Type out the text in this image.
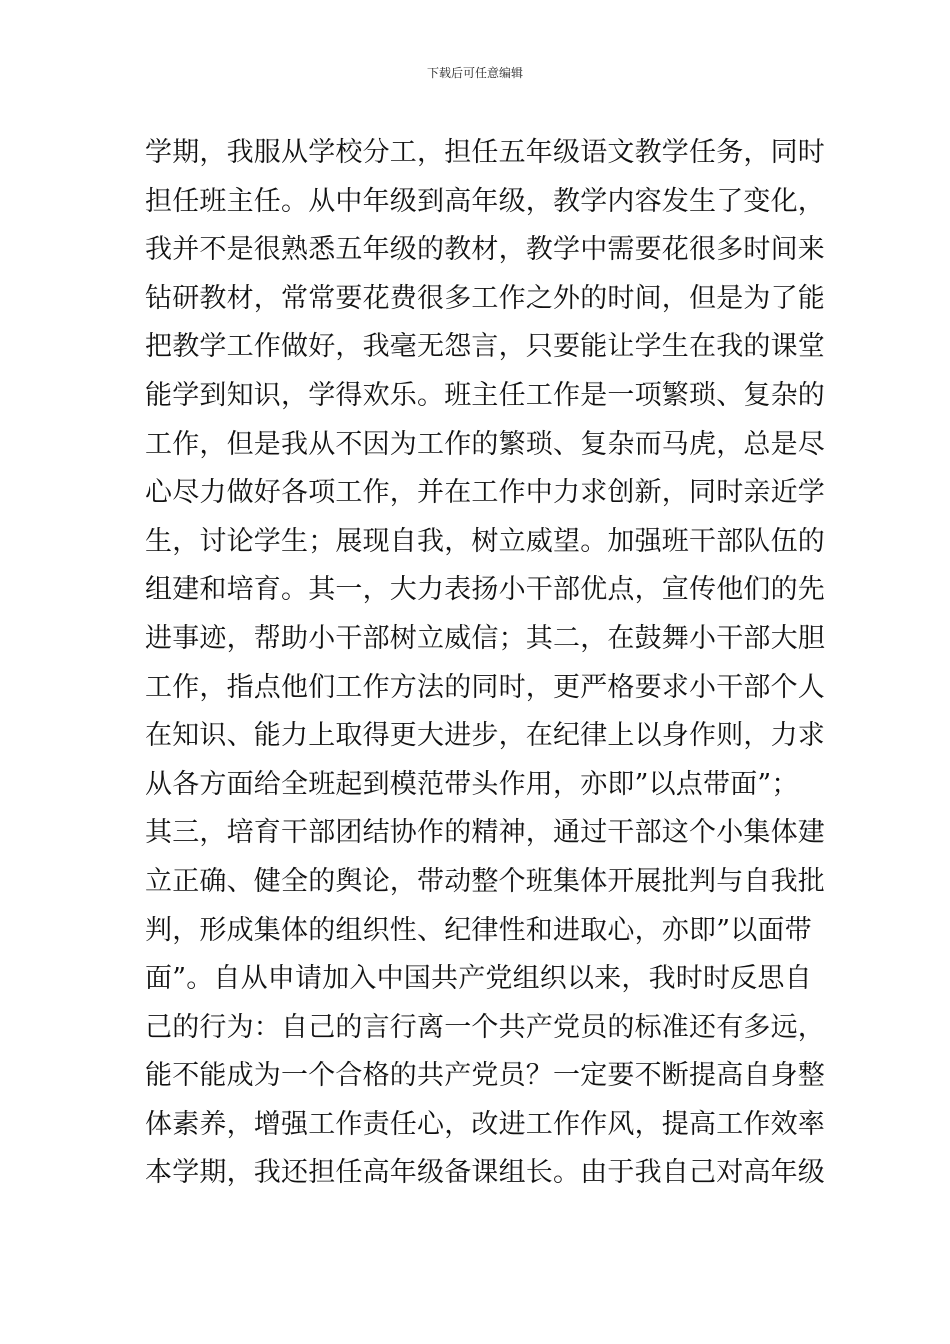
下载后可任意编辑
学期，我服从学校分工，担任五年级语文教学任务，同时
担任班主任。从中年级到高年级，教学内容发生了变化，
我并不是很熟悉五年级的教材，教学中需要花很多时间来
钻研教材，常常要花费很多工作之外的时间，但是为了能
把教学工作做好，我毫无怨言，只要能让学生在我的课堂
能学到知识，学得欢乐。班主任工作是一项繁琐、复杂的
工作，但是我从不因为工作的繁琐、复杂而马虎，总是尽
心尽力做好各项工作，并在工作中力求创新，同时亲近学
生，讨论学生；展现自我，树立威望。加强班干部队伍的
组建和培育。其一，大力表扬小干部优点，宣传他们的先
进事迹，帮助小干部树立威信；其二，在鼓舞小干部大胆
工作，指点他们工作方法的同时，更严格要求小干部个人
在知识、能力上取得更大进步，在纪律上以身作则，力求
从各方面给全班起到模范带头作用，亦即”以点带面”；
其三，培育干部团结协作的精神，通过干部这个小集体建
立正确、健全的舆论，带动整个班集体开展批判与自我批
判，形成集体的组织性、纪律性和进取心，亦即”以面带
面”。自从申请加入中国共产党组织以来，我时时反思自
己的行为：自己的言行离一个共产党员的标准还有多远，
能不能成为一个合格的共产党员？一定要不断提高自身整
体素养，增强工作责任心，改进工作作风，提高工作效率
本学期，我还担任高年级备课组长。由于我自己对高年级
